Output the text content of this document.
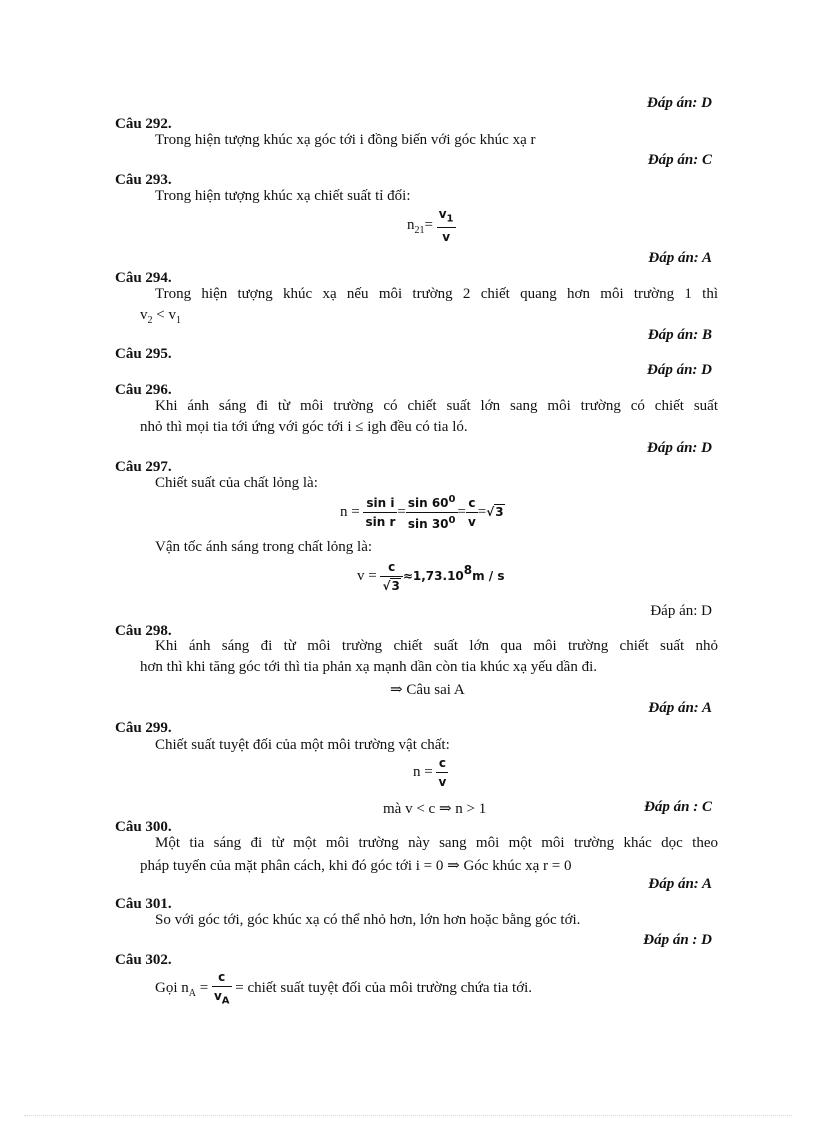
Đáp án: D
Câu 292.
Trong hiện tượng khúc xạ góc tới i đồng biến với góc khúc xạ r
Đáp án: C
Câu 293.
Trong hiện tượng khúc xạ chiết suất tỉ đối:
$n_{21}= \frac{v_1}{v}$
Đáp án: A
Câu 294.
Trong hiện tượng khúc xạ nếu môi trường 2 chiết quang hơn môi trường 1 thì
$v_2 < v_1$
Đáp án: B
Câu 295.
Đáp án: D
Câu 296.
Khi ánh sáng đi từ môi trường có chiết suất lớn sang môi trường có chiết suất
nhỏ thì mọi tia tới ứng với góc tới i ≤ igh đều có tia ló.
Đáp án: D
Câu 297.
Chiết suất của chất lỏng là:
$n = \frac{\text{sin i}}{\text{sin r}} = \frac{\sin 60^0}{\sin 30^0} = \frac{c}{v} =√3$
Vận tốc ánh sáng trong chất lỏng là:
$v = \frac{c}{√3} \approx 1,73.10^8m / s$
Đáp án: D
Câu 298.
Khi ánh sáng đi từ môi trường chiết suất lớn qua môi trường chiết suất nhỏ
hơn thì khi tăng góc tới thì tia phản xạ mạnh dần còn tia khúc xạ yếu dần đi.
⇒ Câu sai A
Đáp án: A
Câu 299.
Chiết suất tuyệt đối của một môi trường vật chất:
$n = \frac{c}{v}$
mà v < c ⇒ n > 1	Đáp án : C
Câu 300.
Một tia sáng đi từ một môi trường này sang môi một môi trường khác dọc theo
pháp tuyến của mặt phân cách, khi đó góc tới i = 0 ⇒ Góc khúc xạ r = 0
Đáp án: A
Câu 301.
So với góc tới, góc khúc xạ có thể nhỏ hơn, lớn hơn hoặc bằng góc tới.
Đáp án : D
Câu 302.
Gọi $n_A = \frac{c}{v_A}$ = chiết suất tuyệt đối của môi trường chứa tia tới.
